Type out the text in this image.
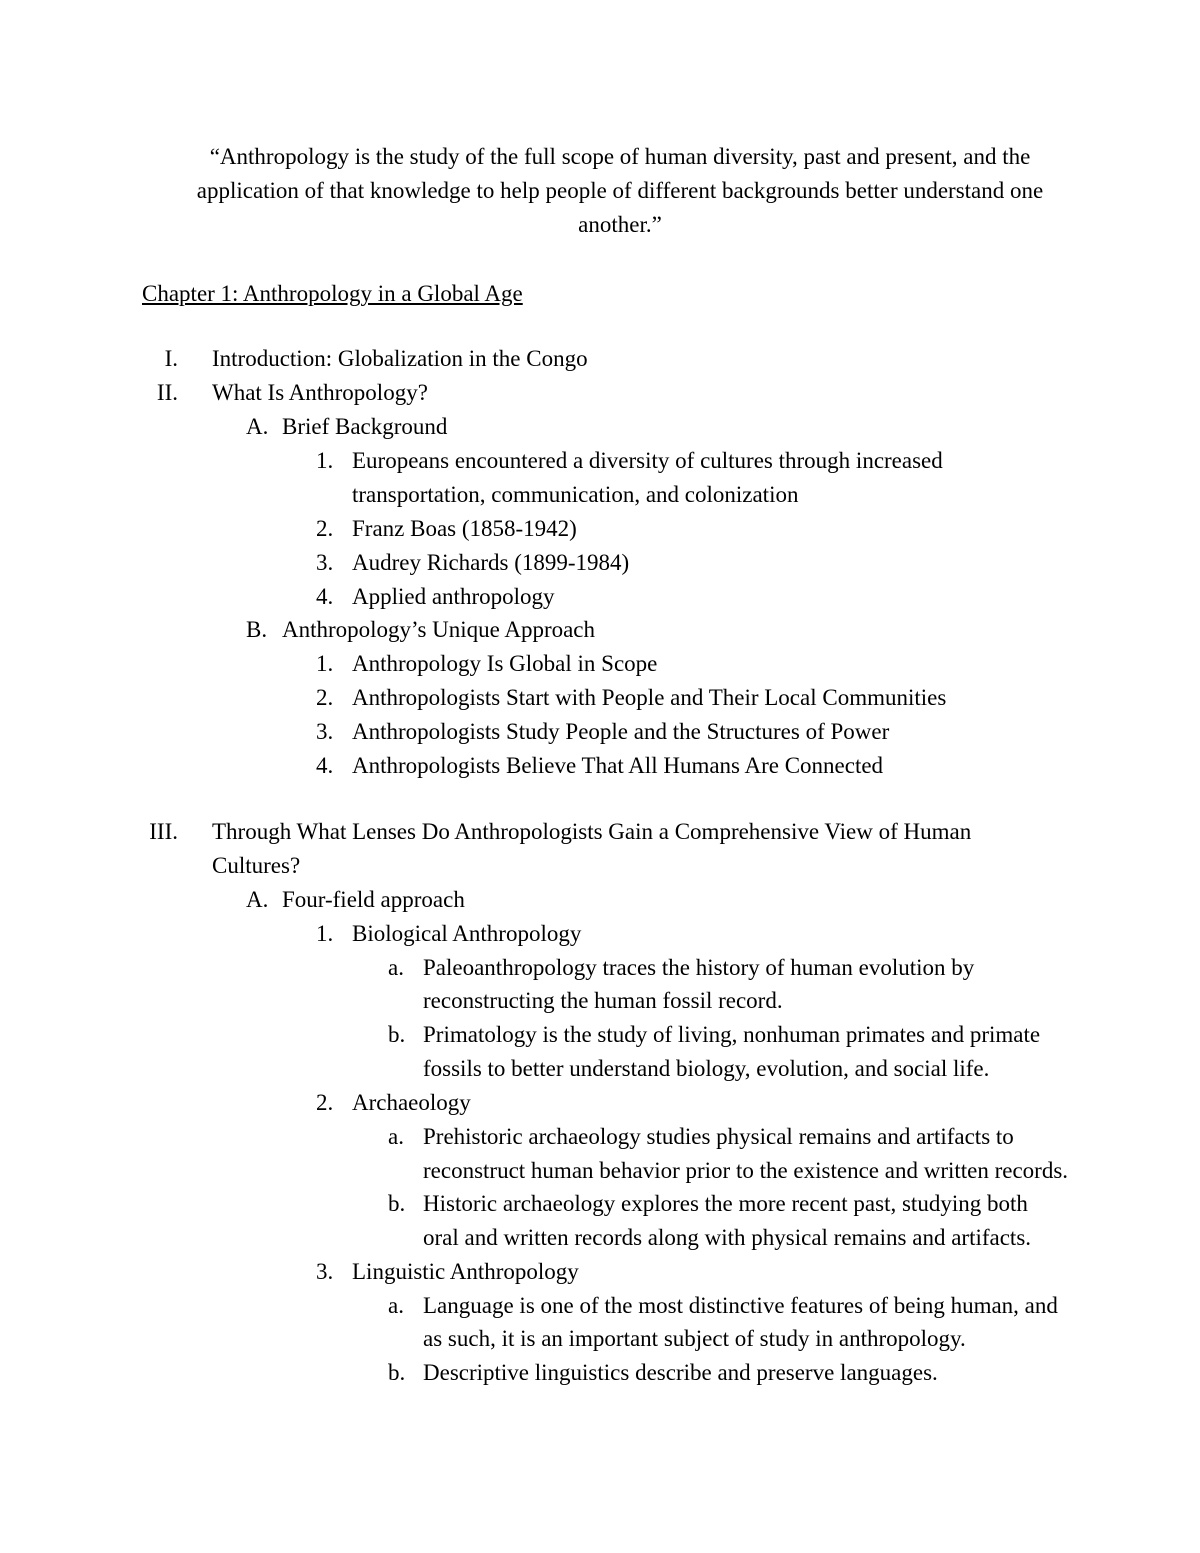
“Anthropology is the study of the full scope of human diversity, past and present, and the
application of that knowledge to help people of different backgrounds better understand one
another.”
Chapter 1: Anthropology in a Global Age
I. Introduction: Globalization in the Congo
II. What Is Anthropology?
A. Brief Background
1. Europeans encountered a diversity of cultures through increased
transportation, communication, and colonization
2. Franz Boas (1858-1942)
3. Audrey Richards (1899-1984)
4. Applied anthropology
B. Anthropology’s Unique Approach
1. Anthropology Is Global in Scope
2. Anthropologists Start with People and Their Local Communities
3. Anthropologists Study People and the Structures of Power
4. Anthropologists Believe That All Humans Are Connected
III. Through What Lenses Do Anthropologists Gain a Comprehensive View of Human
Cultures?
A. Four-field approach
1. Biological Anthropology
a. Paleoanthropology traces the history of human evolution by
reconstructing the human fossil record.
b. Primatology is the study of living, nonhuman primates and primate
fossils to better understand biology, evolution, and social life.
2. Archaeology
a. Prehistoric archaeology studies physical remains and artifacts to
reconstruct human behavior prior to the existence and written records.
b. Historic archaeology explores the more recent past, studying both
oral and written records along with physical remains and artifacts.
3. Linguistic Anthropology
a. Language is one of the most distinctive features of being human, and
as such, it is an important subject of study in anthropology.
b. Descriptive linguistics describe and preserve languages.
